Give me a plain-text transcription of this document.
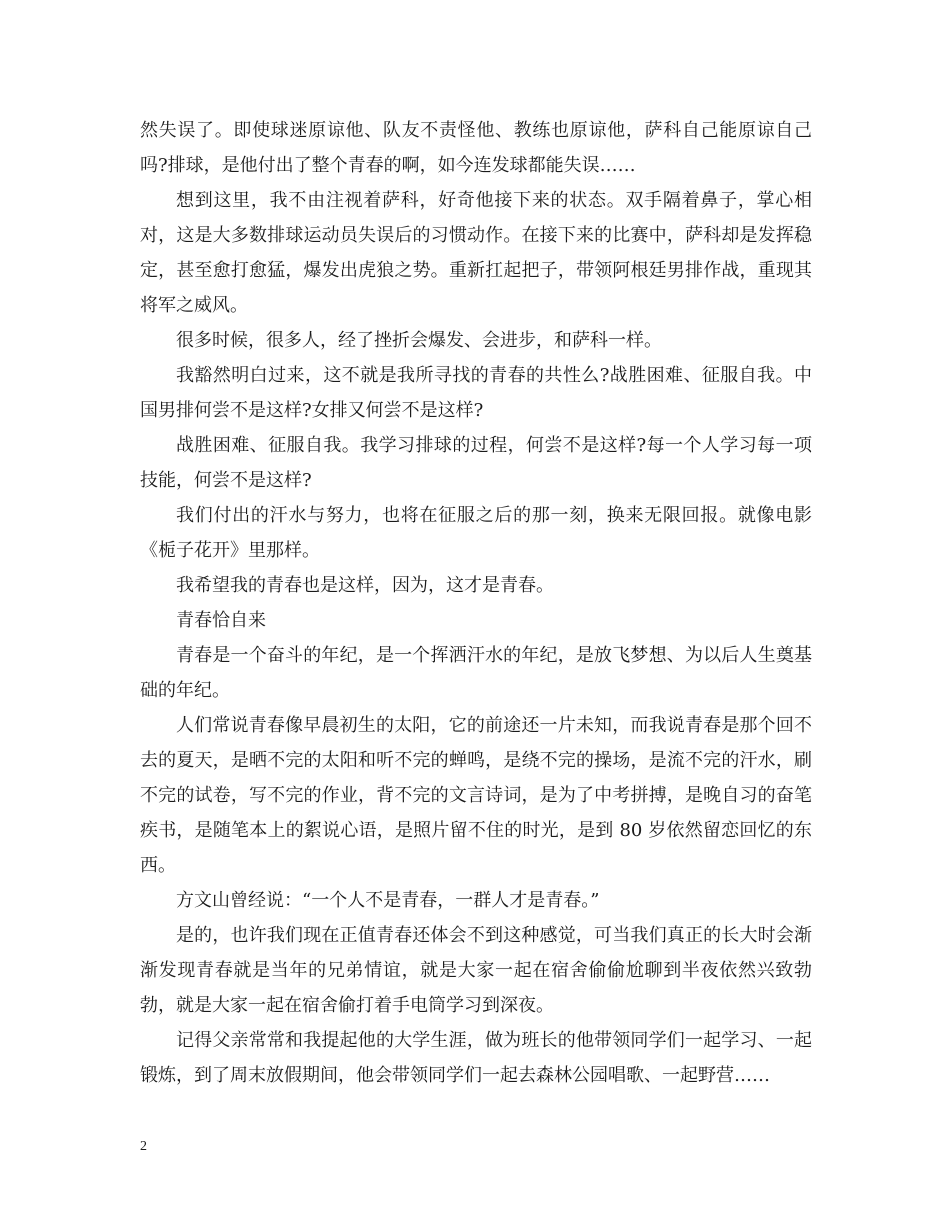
然失误了。即使球迷原谅他、队友不责怪他、教练也原谅他，萨科自己能原谅自己吗?排球，是他付出了整个青春的啊，如今连发球都能失误……

想到这里，我不由注视着萨科，好奇他接下来的状态。双手隔着鼻子，掌心相对，这是大多数排球运动员失误后的习惯动作。在接下来的比赛中，萨科却是发挥稳定，甚至愈打愈猛，爆发出虎狼之势。重新扛起把子，带领阿根廷男排作战，重现其将军之威风。

很多时候，很多人，经了挫折会爆发、会进步，和萨科一样。

我豁然明白过来，这不就是我所寻找的青春的共性么?战胜困难、征服自我。中国男排何尝不是这样?女排又何尝不是这样?

战胜困难、征服自我。我学习排球的过程，何尝不是这样?每一个人学习每一项技能，何尝不是这样?

我们付出的汗水与努力，也将在征服之后的那一刻，换来无限回报。就像电影《栀子花开》里那样。

我希望我的青春也是这样，因为，这才是青春。

青春恰自来

青春是一个奋斗的年纪，是一个挥洒汗水的年纪，是放飞梦想、为以后人生奠基础的年纪。

人们常说青春像早晨初生的太阳，它的前途还一片未知，而我说青春是那个回不去的夏天，是晒不完的太阳和听不完的蝉鸣，是绕不完的操场，是流不完的汗水，刷不完的试卷，写不完的作业，背不完的文言诗词，是为了中考拼搏，是晚自习的奋笔疾书，是随笔本上的絮说心语，是照片留不住的时光，是到 80 岁依然留恋回忆的东西。

方文山曾经说：“一个人不是青春，一群人才是青春。”

是的，也许我们现在正值青春还体会不到这种感觉，可当我们真正的长大时会渐渐发现青春就是当年的兄弟情谊，就是大家一起在宿舍偷偷尬聊到半夜依然兴致勃勃，就是大家一起在宿舍偷打着手电筒学习到深夜。

记得父亲常常和我提起他的大学生涯，做为班长的他带领同学们一起学习、一起锻炼，到了周末放假期间，他会带领同学们一起去森林公园唱歌、一起野营……

2
